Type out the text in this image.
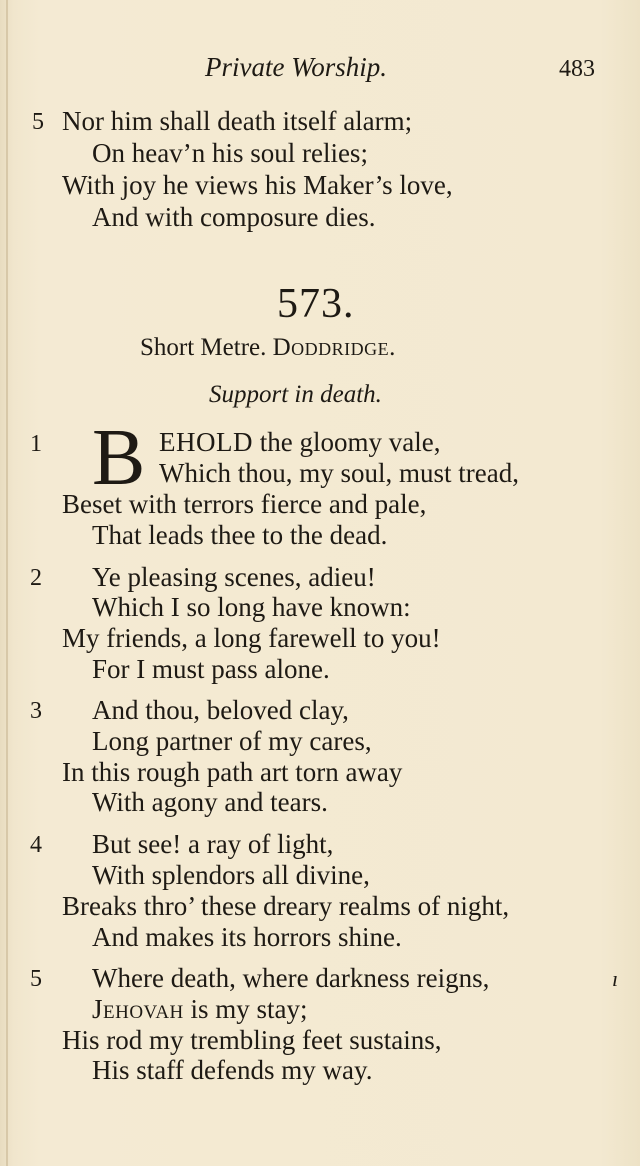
Private Worship.	483
5 Nor him shall death itself alarm;
On heav’n his soul relies;
With joy he views his Maker’s love,
And with composure dies.
573.
Short Metre. Doddridge.
Support in death.
1 B EHOLD the gloomy vale,
Which thou, my soul, must tread,
Beset with terrors fierce and pale,
That leads thee to the dead.
2 Ye pleasing scenes, adieu!
Which I so long have known:
My friends, a long farewell to you!
For I must pass alone.
3 And thou, beloved clay,
Long partner of my cares,
In this rough path art torn away
With agony and tears.
4 But see! a ray of light,
With splendors all divine,
Breaks thro’ these dreary realms of night,
And makes its horrors shine.
5 Where death, where darkness reigns,
Jehovah is my stay;
His rod my trembling feet sustains,
His staff defends my way.
ı
